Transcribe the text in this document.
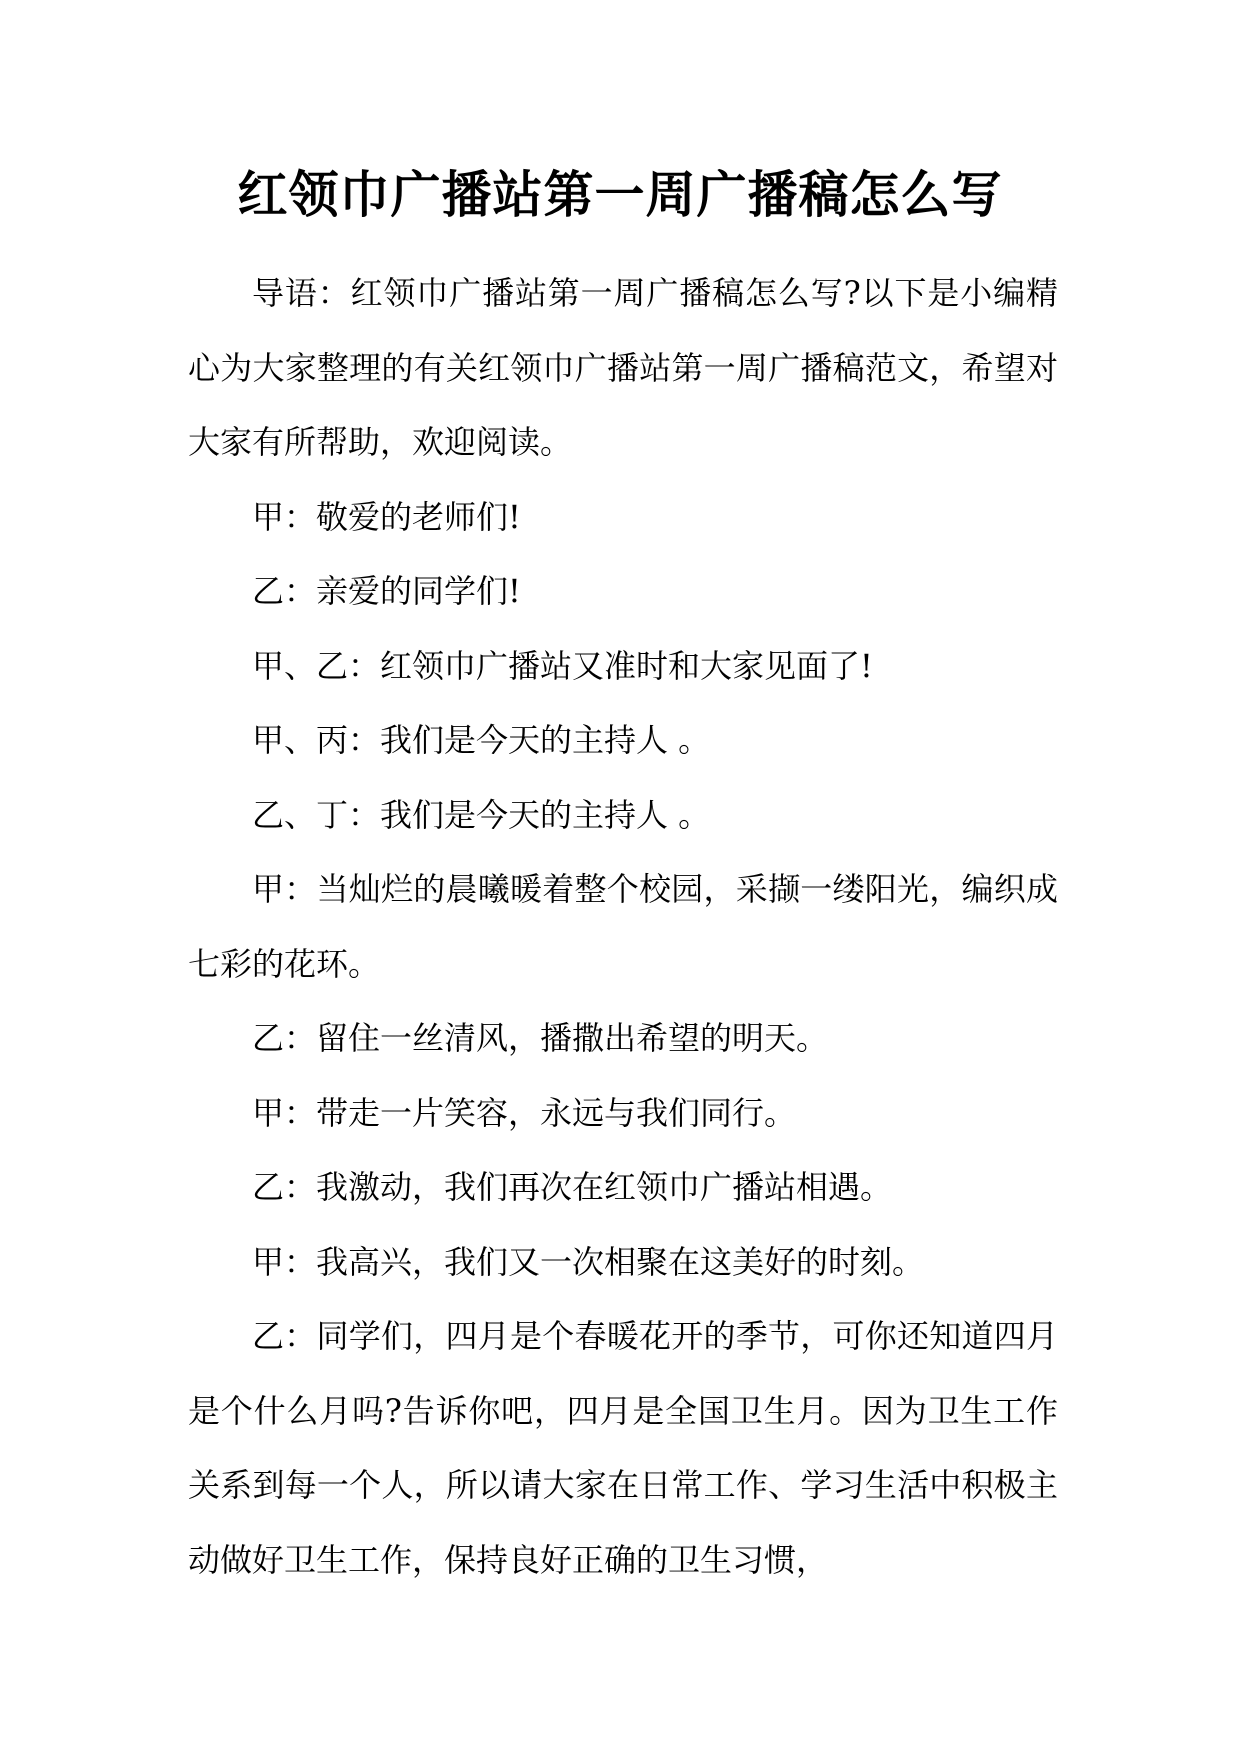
红领巾广播站第一周广播稿怎么写

导语：红领巾广播站第一周广播稿怎么写?以下是小编精心为大家整理的有关红领巾广播站第一周广播稿范文，希望对大家有所帮助，欢迎阅读。

甲：敬爱的老师们!

乙：亲爱的同学们!

甲、乙：红领巾广播站又准时和大家见面了!

甲、丙：我们是今天的主持人 。

乙、丁：我们是今天的主持人 。

甲：当灿烂的晨曦暖着整个校园，采撷一缕阳光，编织成七彩的花环。

乙：留住一丝清风，播撒出希望的明天。

甲：带走一片笑容，永远与我们同行。

乙：我激动，我们再次在红领巾广播站相遇。

甲：我高兴，我们又一次相聚在这美好的时刻。

乙：同学们，四月是个春暖花开的季节，可你还知道四月是个什么月吗?告诉你吧，四月是全国卫生月。因为卫生工作关系到每一个人，所以请大家在日常工作、学习生活中积极主动做好卫生工作，保持良好正确的卫生习惯，
